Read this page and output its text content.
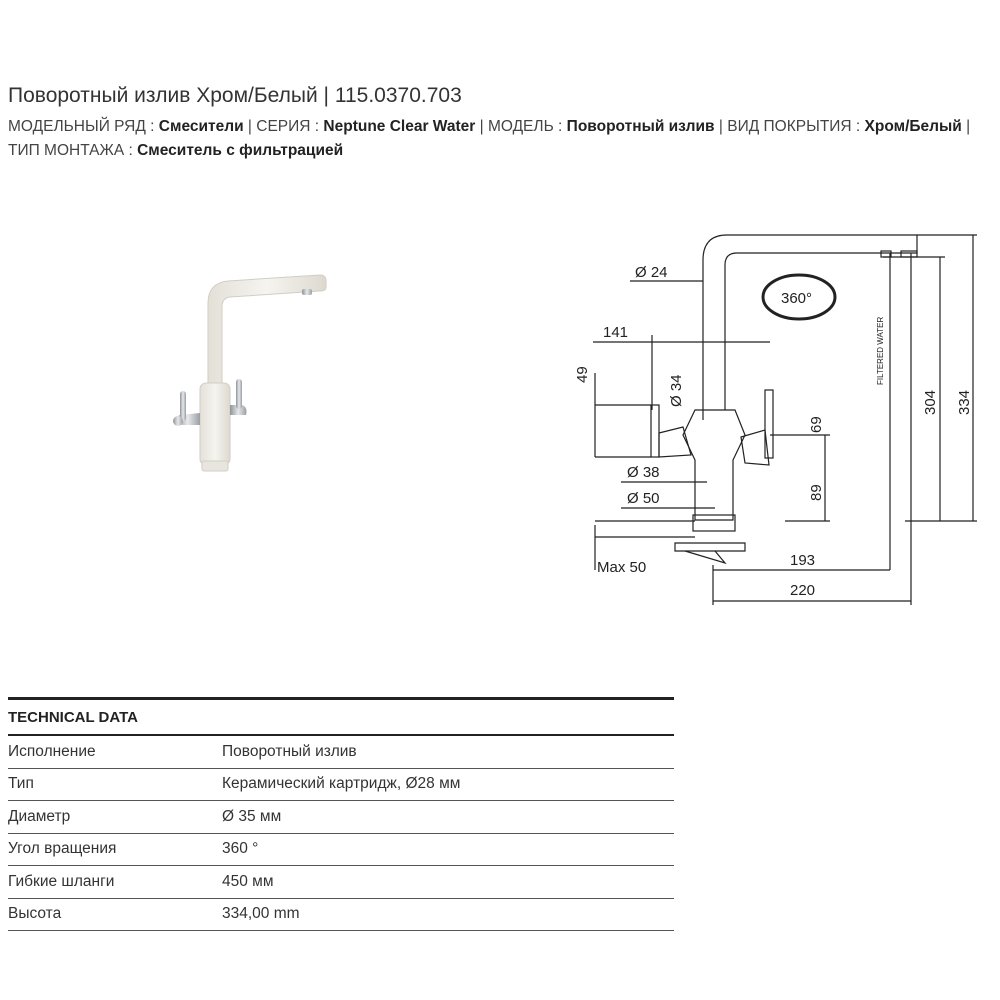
Поворотный излив Хром/Белый | 115.0370.703
МОДЕЛЬНЫЙ РЯД : Смесители | СЕРИЯ : Neptune Clear Water | МОДЕЛЬ : Поворотный излив | ВИД ПОКРЫТИЯ : Хром/Белый | ТИП МОНТАЖА : Смеситель с фильтрацией
Ø 24
360°
141
49	Ø 34
69
Ø 38
89
Ø 50
Max 50	193
220
304 334
FILTERED WATER
TECHNICAL DATA
Исполнение	Поворотный излив
Тип	Керамический картридж, Ø28 мм
Диаметр	Ø 35 мм
Угол вращения	360 °
Гибкие шланги	450 мм
Высота	334,00 mm
